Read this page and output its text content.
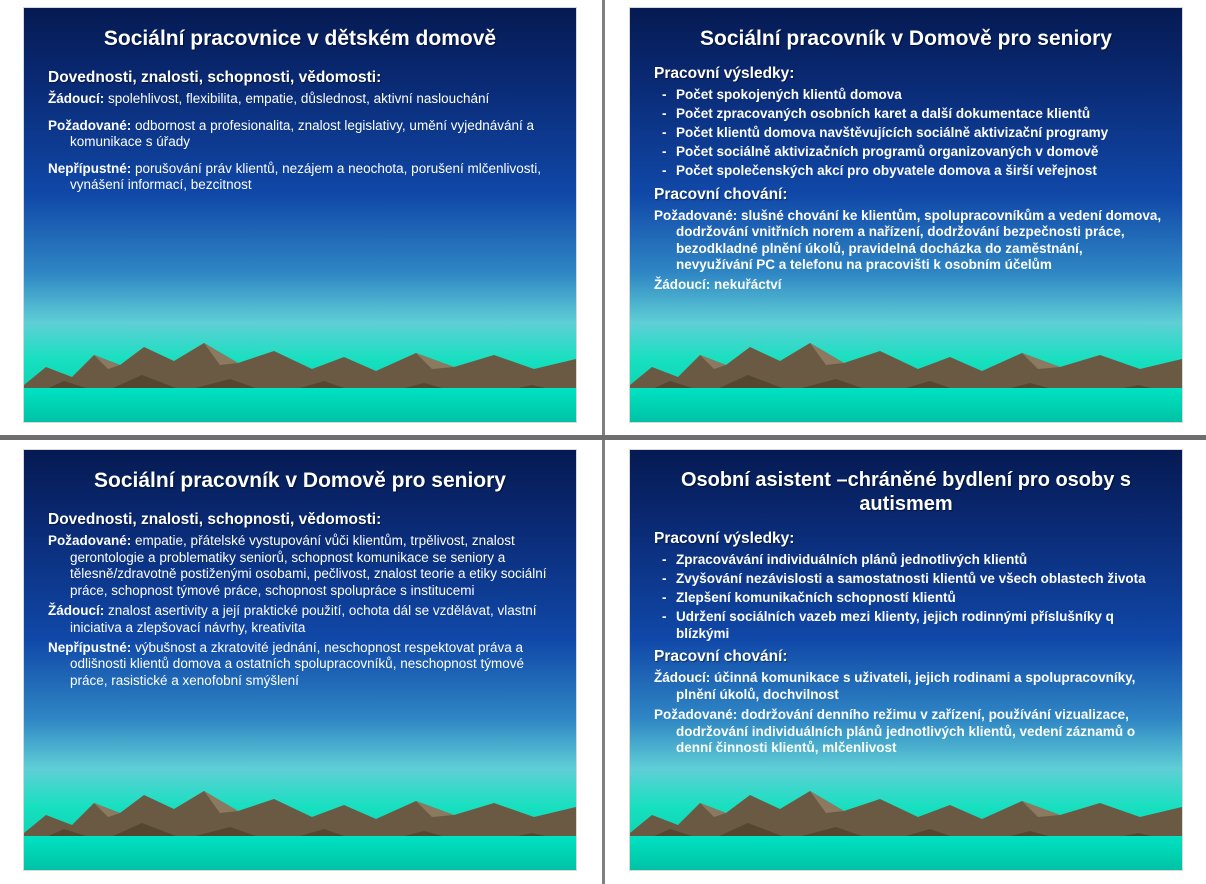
Sociální pracovnice v dětském domově
Dovednosti, znalosti, schopnosti, vědomosti:

Žádoucí: spolehlivost, flexibilita, empatie, důslednost, aktivní naslouchání

Požadované: odbornost a profesionalita, znalost legislativy, umění vyjednávání a komunikace s úřady

Nepřípustné: porušování práv klientů, nezájem a neochota, porušení mlčenlivosti, vynášení informací, bezcitnost

Sociální pracovník v Domově pro seniory
Pracovní výsledky:
- Počet spokojených klientů domova
- Počet zpracovaných osobních karet a další dokumentace klientů
- Počet klientů domova navštěvujících sociálně aktivizační programy
- Počet sociálně aktivizačních programů organizovaných v domově
- Počet společenských akcí pro obyvatele domova a širší veřejnost
Pracovní chování:

Požadované: slušné chování ke klientům, spolupracovníkům a vedení domova, dodržování vnitřních norem a nařízení, dodržování bezpečnosti práce, bezodkladné plnění úkolů, pravidelná docházka do zaměstnání, nevyužívání PC a telefonu na pracovišti k osobním účelům

Žádoucí: nekuřáctví

Sociální pracovník v Domově pro seniory
Dovednosti, znalosti, schopnosti, vědomosti:

Požadované: empatie, přátelské vystupování vůči klientům, trpělivost, znalost gerontologie a problematiky seniorů, schopnost komunikace se seniory a tělesně/zdravotně postiženými osobami, pečlivost, znalost teorie a etiky sociální práce, schopnost týmové práce, schopnost spolupráce s institucemi

Žádoucí: znalost asertivity a její praktické použití, ochota dál se vzdělávat, vlastní iniciativa a zlepšovací návrhy, kreativita

Nepřípustné: výbušnost a zkratovité jednání, neschopnost respektovat práva a odlišnosti klientů domova a ostatních spolupracovníků, neschopnost týmové práce, rasistické a xenofobní smýšlení

Osobní asistent –chráněné bydlení pro osoby s autismem
Pracovní výsledky:
- Zpracovávání individuálních plánů jednotlivých klientů
- Zvyšování nezávislosti a samostatnosti klientů ve všech oblastech života
- Zlepšení komunikačních schopností klientů
- Udržení sociálních vazeb mezi klienty, jejich rodinnými příslušníky q blízkými
Pracovní chování:

Žádoucí: účinná komunikace s uživateli, jejich rodinami a spolupracovníky, plnění úkolů, dochvilnost

Požadované: dodržování denního režimu v zařízení, používání vizualizace, dodržování individuálních plánů jednotlivých klientů, vedení záznamů o denní činnosti klientů, mlčenlivost
